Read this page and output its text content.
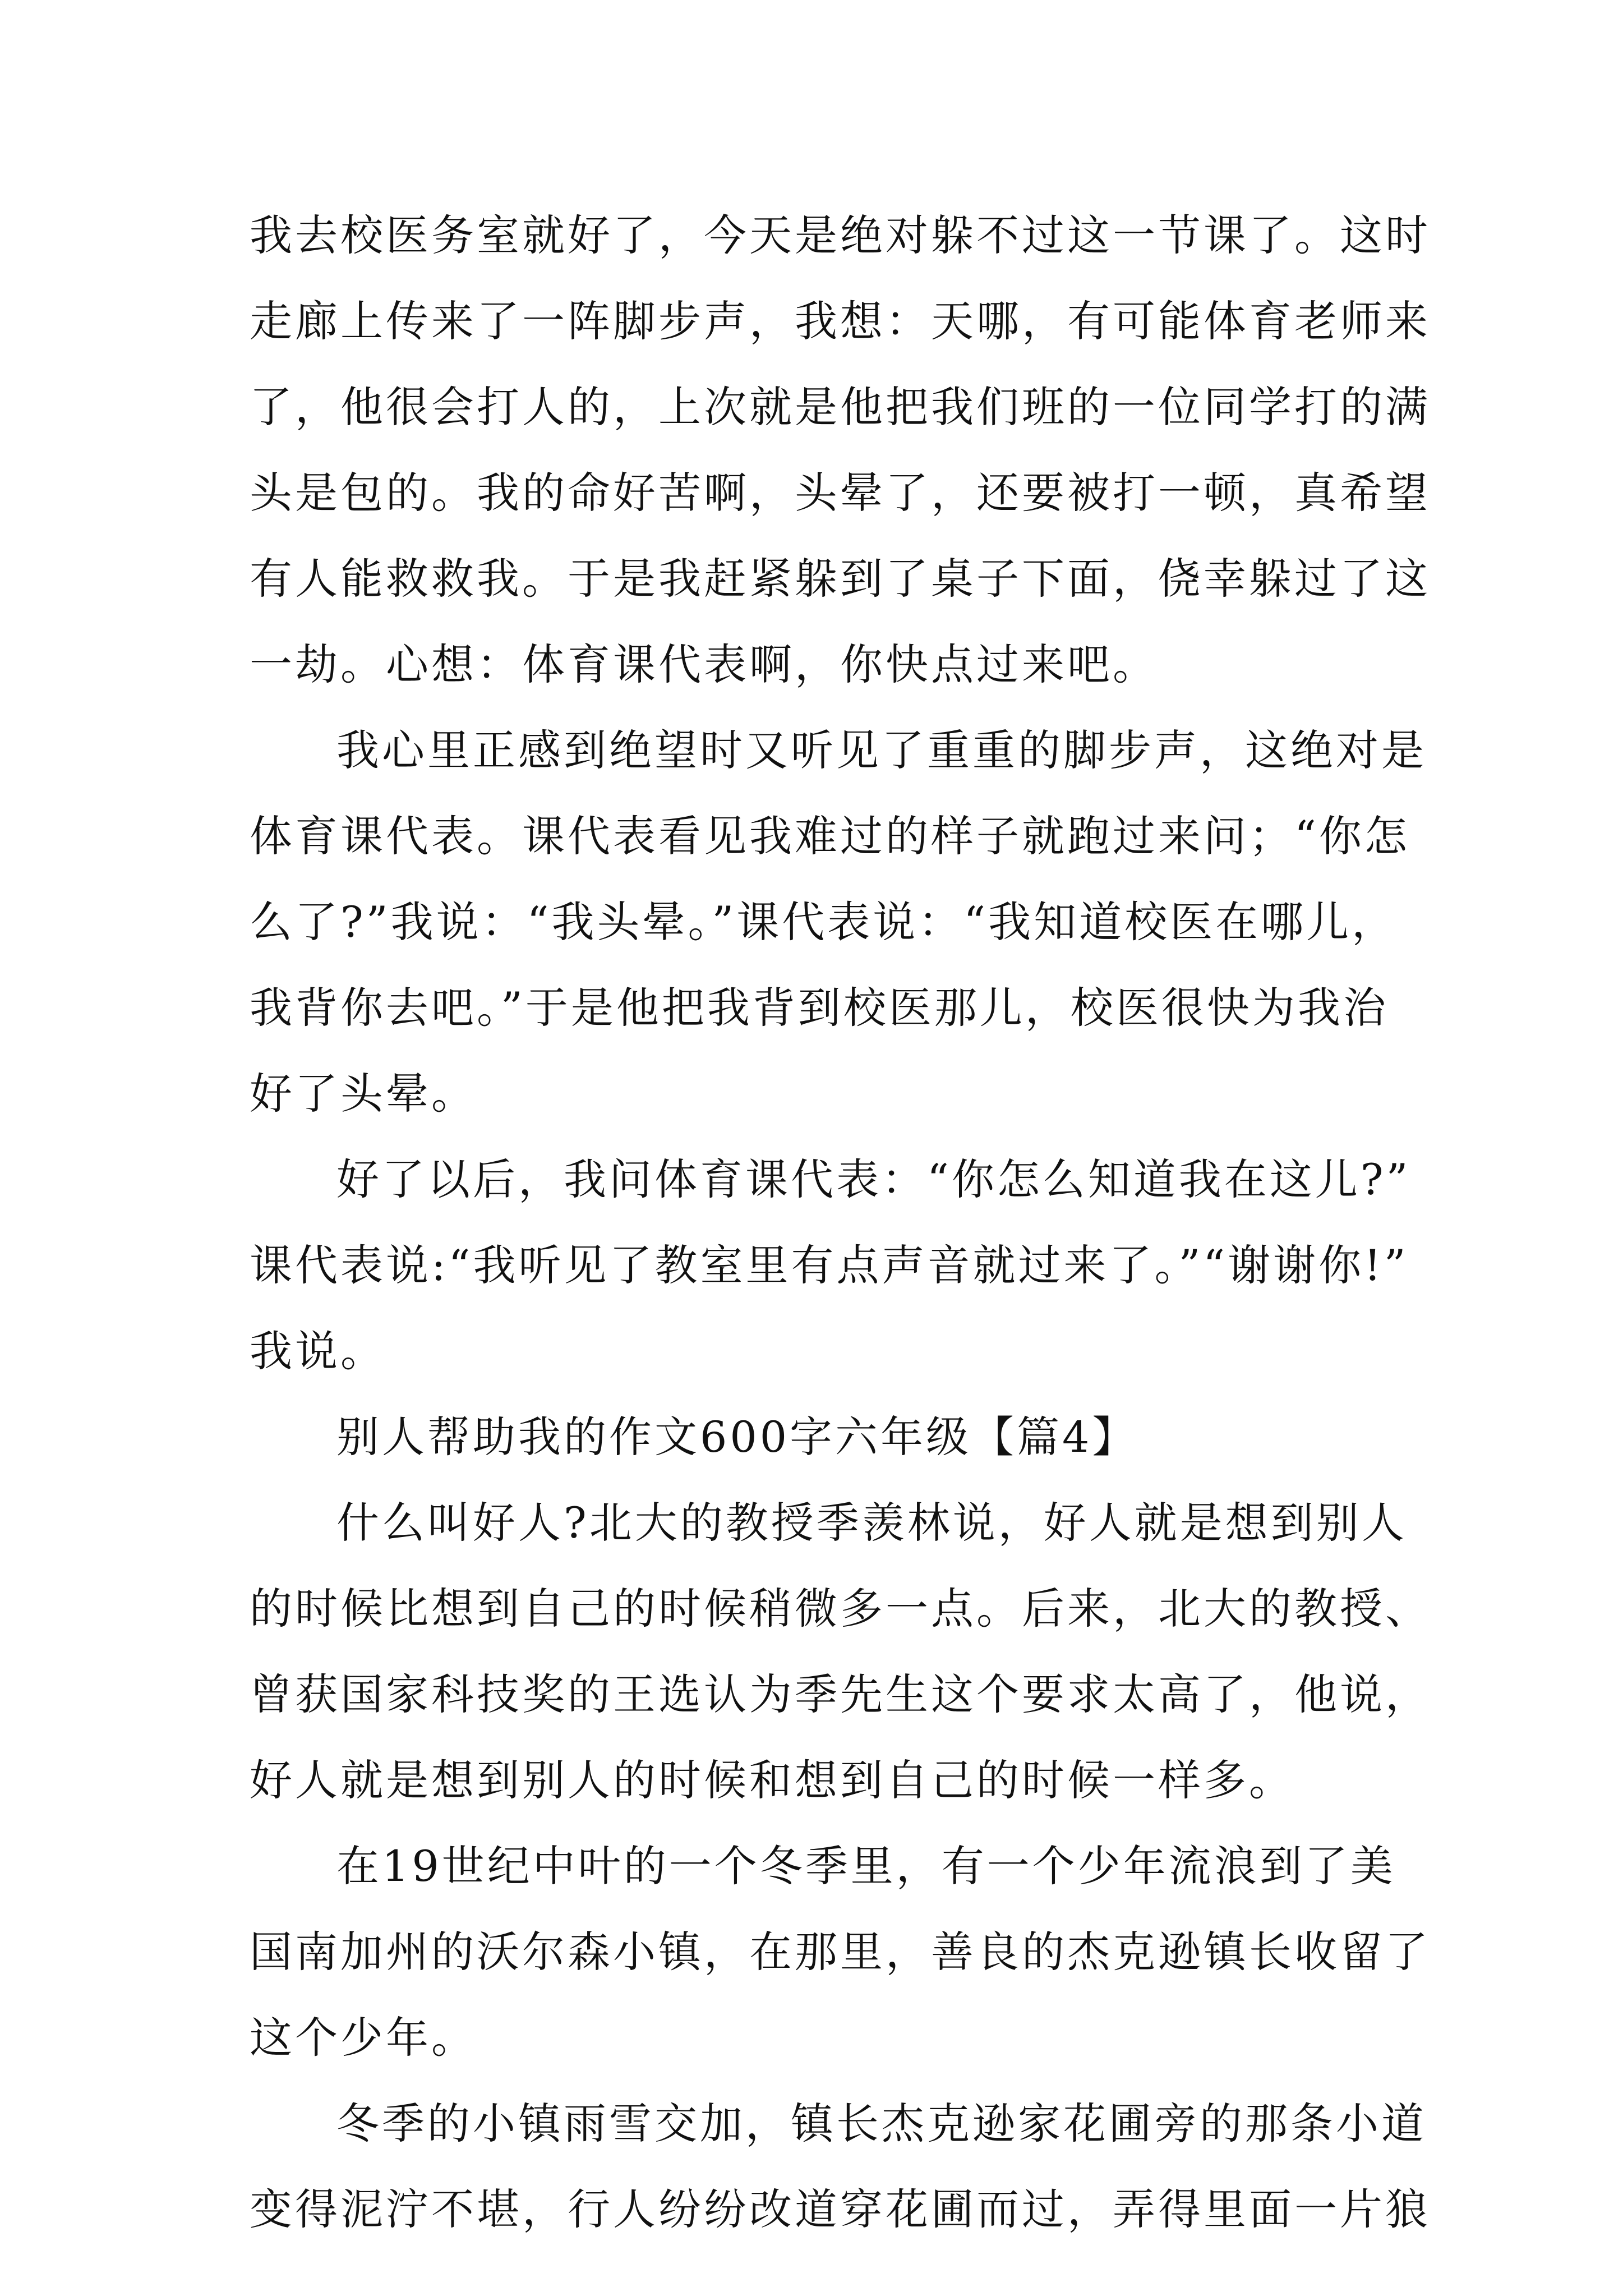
我去校医务室就好了，今天是绝对躲不过这一节课了。这时
走廊上传来了一阵脚步声，我想：天哪，有可能体育老师来
了，他很会打人的，上次就是他把我们班的一位同学打的满
头是包的。我的命好苦啊，头晕了，还要被打一顿，真希望
有人能救救我。于是我赶紧躲到了桌子下面，侥幸躲过了这
一劫。心想：体育课代表啊，你快点过来吧。
我心里正感到绝望时又听见了重重的脚步声，这绝对是
体育课代表。课代表看见我难过的样子就跑过来问；“你怎
么了?”我说：“我头晕。”课代表说：“我知道校医在哪儿，
我背你去吧。”于是他把我背到校医那儿，校医很快为我治
好了头晕。
好了以后，我问体育课代表：“你怎么知道我在这儿?”
课代表说:“我听见了教室里有点声音就过来了。”“谢谢你!”
我说。
别人帮助我的作文600字六年级【篇4】
什么叫好人?北大的教授季羡林说，好人就是想到别人
的时候比想到自己的时候稍微多一点。后来，北大的教授、
曾获国家科技奖的王选认为季先生这个要求太高了，他说，
好人就是想到别人的时候和想到自己的时候一样多。
在19世纪中叶的一个冬季里，有一个少年流浪到了美
国南加州的沃尔森小镇，在那里，善良的杰克逊镇长收留了
这个少年。
冬季的小镇雨雪交加，镇长杰克逊家花圃旁的那条小道
变得泥泞不堪，行人纷纷改道穿花圃而过，弄得里面一片狼
